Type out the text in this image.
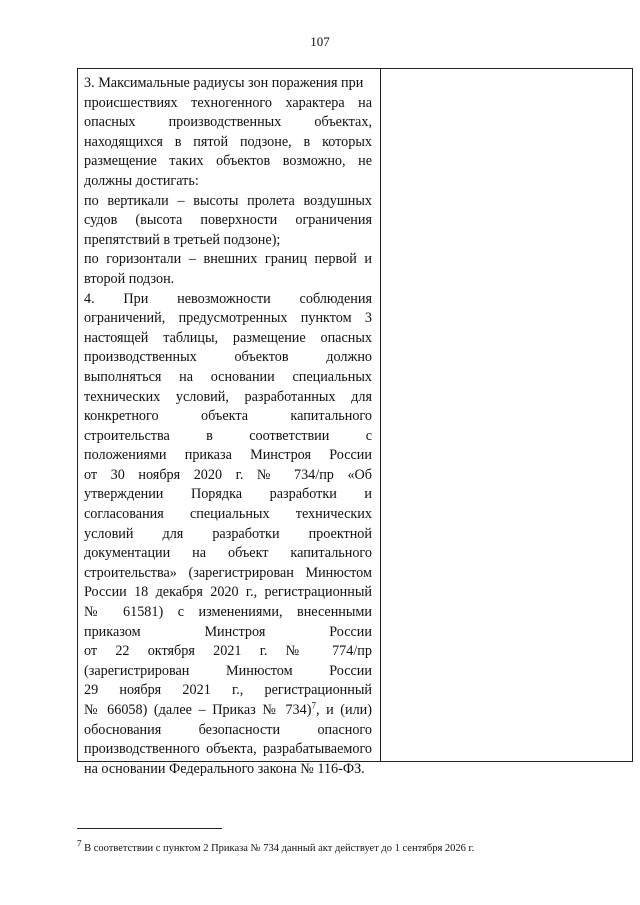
107
3. Максимальные радиусы зон поражения при
происшествиях техногенного характера на
опасных производственных объектах,
находящихся в пятой подзоне, в которых
размещение таких объектов возможно, не
должны достигать:
по вертикали – высоты пролета воздушных
судов (высота поверхности ограничения
препятствий в третьей подзоне);
по горизонтали – внешних границ первой и
второй подзон.
4. При невозможности соблюдения
ограничений, предусмотренных пунктом 3
настоящей таблицы, размещение опасных
производственных объектов должно
выполняться на основании специальных
технических условий, разработанных для
конкретного объекта капитального
строительства в соответствии с
положениями приказа Минстроя России
от 30 ноября 2020 г. № 734/пр «Об
утверждении Порядка разработки и
согласования специальных технических
условий для разработки проектной
документации на объект капитального
строительства» (зарегистрирован Минюстом
России 18 декабря 2020 г., регистрационный
№ 61581) с изменениями, внесенными
приказом Минстроя России
от 22 октября 2021 г. № 774/пр
(зарегистрирован Минюстом России
29 ноября 2021 г., регистрационный
№ 66058) (далее – Приказ № 734)$^7$, и (или)
обоснования безопасности опасного
производственного объекта, разрабатываемого
на основании Федерального закона № 116-ФЗ.
$^7$ В соответствии с пунктом 2 Приказа № 734 данный акт действует до 1 сентября 2026 г.
